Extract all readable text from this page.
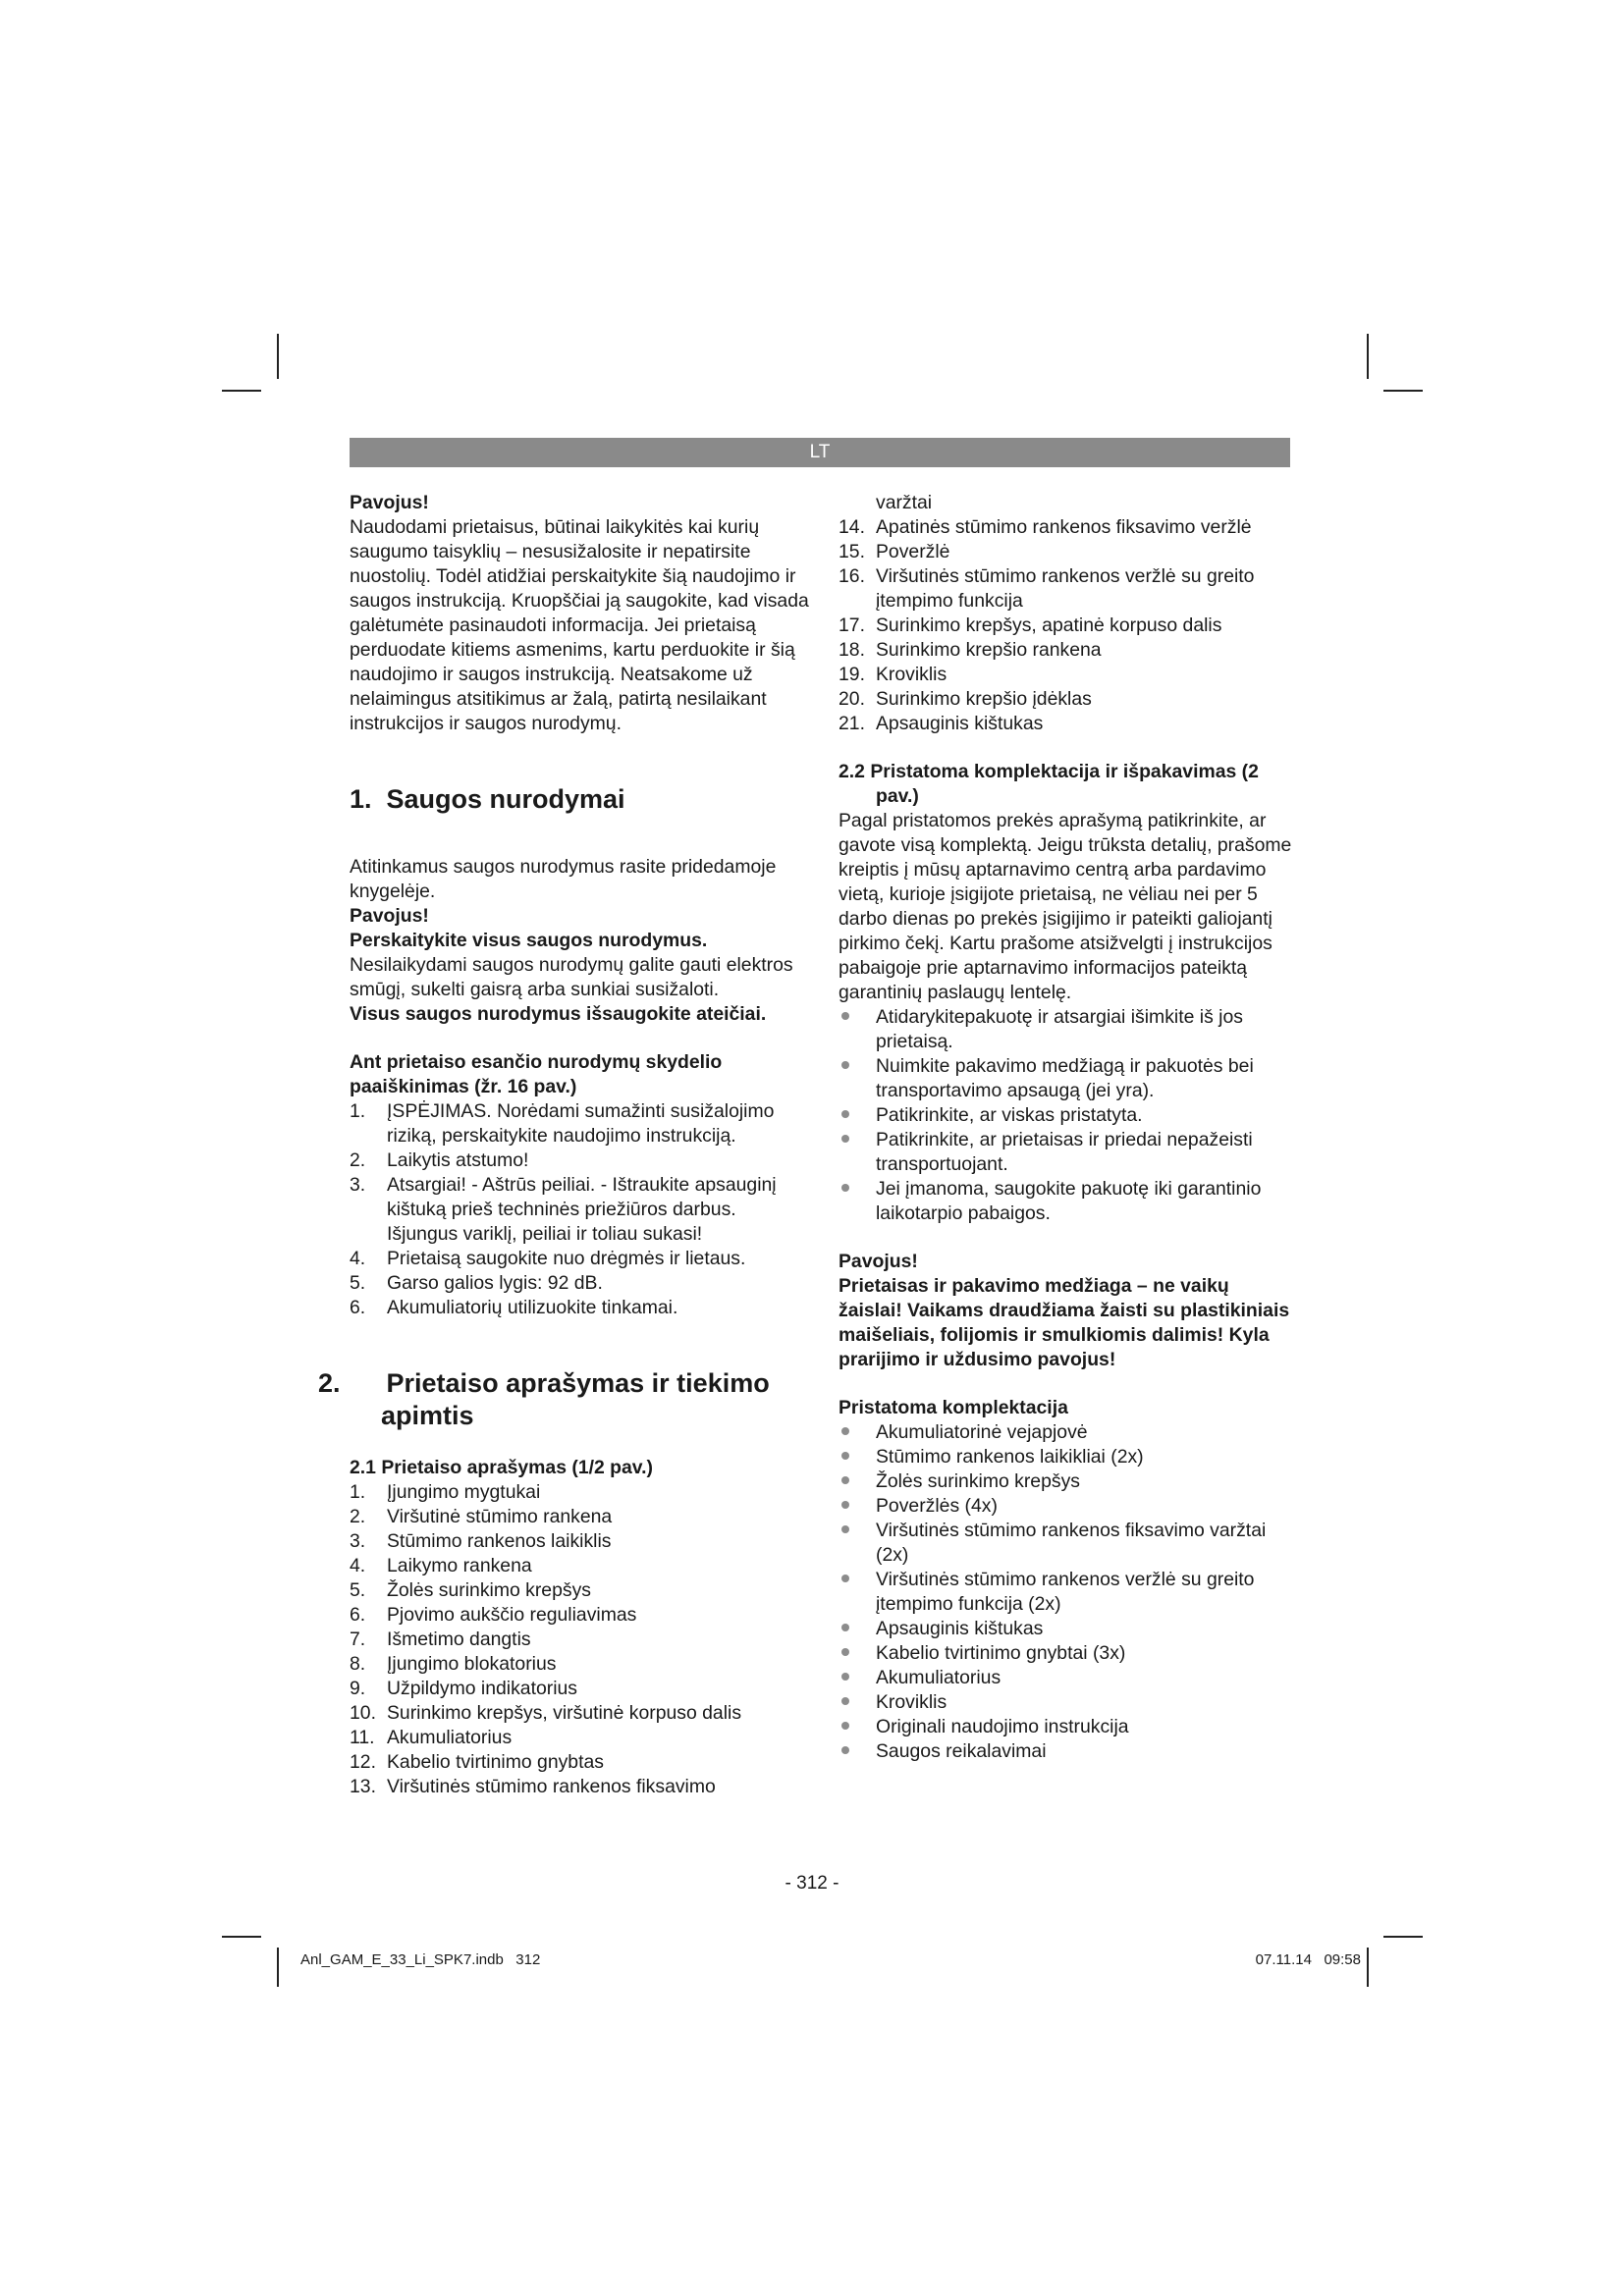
LT

Pavojus!

Naudodami prietaisus, būtinai laikykitės kai kurių saugumo taisyklių – nesusižalosite ir nepatirsite nuostolių. Todėl atidžiai perskaitykite šią naudojimo ir saugos instrukciją. Kruopščiai ją saugokite, kad visada galėtumėte pasinaudoti informacija. Jei prietaisą perduodate kitiems asmenims, kartu perduokite ir šią naudojimo ir saugos instrukciją. Neatsakome už nelaimingus atsitikimus ar žalą, patirtą nesilaikant instrukcijos ir saugos nurodymų.

1. Saugos nurodymai

Atitinkamus saugos nurodymus rasite pridedamoje knygelėje.

Pavojus!

Perskaitykite visus saugos nurodymus. Nesilaikydami saugos nurodymų galite gauti elektros smūgį, sukelti gaisrą arba sunkiai susižaloti.

Visus saugos nurodymus išsaugokite ateičiai.

Ant prietaiso esančio nurodymų skydelio paaiškinimas (žr. 16 pav.)
1. ĮSPĖJIMAS. Norėdami sumažinti susižalojimo riziką, perskaitykite naudojimo instrukciją.
2. Laikytis atstumo!
3. Atsargiai! - Aštrūs peiliai. - Ištraukite apsauginį kištuką prieš techninės priežiūros darbus. Išjungus variklį, peiliai ir toliau sukasi!
4. Prietaisą saugokite nuo drėgmės ir lietaus.
5. Garso galios lygis: 92 dB.
6. Akumuliatorių utilizuokite tinkamai.
2. Prietaiso aprašymas ir tiekimo apimtis
2.1 Prietaiso aprašymas (1/2 pav.)
1. Įjungimo mygtukai
2. Viršutinė stūmimo rankena
3. Stūmimo rankenos laikiklis
4. Laikymo rankena
5. Žolės surinkimo krepšys
6. Pjovimo aukščio reguliavimas
7. Išmetimo dangtis
8. Įjungimo blokatorius
9. Užpildymo indikatorius
10. Surinkimo krepšys, viršutinė korpuso dalis
11. Akumuliatorius
12. Kabelio tvirtinimo gnybtas
13. Viršutinės stūmimo rankenos fiksavimo
varžtai
14. Apatinės stūmimo rankenos fiksavimo veržlė
15. Poveržlė
16. Viršutinės stūmimo rankenos veržlė su greito įtempimo funkcija
17. Surinkimo krepšys, apatinė korpuso dalis
18. Surinkimo krepšio rankena
19. Kroviklis
20. Surinkimo krepšio įdėklas
21. Apsauginis kištukas
2.2 Pristatoma komplektacija ir išpakavimas (2 pav.)

Pagal pristatomos prekės aprašymą patikrinkite, ar gavote visą komplektą. Jeigu trūksta detalių, prašome kreiptis į mūsų aptarnavimo centrą arba pardavimo vietą, kurioje įsigijote prietaisą, ne vėliau nei per 5 darbo dienas po prekės įsigijimo ir pateikti galiojantį pirkimo čekį. Kartu prašome atsižvelgti į instrukcijos pabaigoje prie aptarnavimo informacijos pateiktą garantinių paslaugų lentelę.

Atidarykitepakuotę ir atsargiai išimkite iš jos prietaisą.
Nuimkite pakavimo medžiagą ir pakuotės bei transportavimo apsaugą (jei yra).
Patikrinkite, ar viskas pristatyta.
Patikrinkite, ar prietaisas ir priedai nepažeisti transportuojant.
Jei įmanoma, saugokite pakuotę iki garantinio laikotarpio pabaigos.

Pavojus!

Prietaisas ir pakavimo medžiaga – ne vaikų žaislai! Vaikams draudžiama žaisti su plastikiniais maišeliais, folijomis ir smulkiomis dalimis! Kyla prarijimo ir uždusimo pavojus!

Pristatoma komplektacija
Akumuliatorinė vejapjovė
Stūmimo rankenos laikikliai (2x)
Žolės surinkimo krepšys
Poveržlės (4x)
Viršutinės stūmimo rankenos fiksavimo varžtai (2x)
Viršutinės stūmimo rankenos veržlė su greito įtempimo funkcija (2x)
Apsauginis kištukas
Kabelio tvirtinimo gnybtai (3x)
Akumuliatorius
Kroviklis
Originali naudojimo instrukcija
Saugos reikalavimai
- 312 -
Anl_GAM_E_33_Li_SPK7.indb   312	07.11.14   09:58
